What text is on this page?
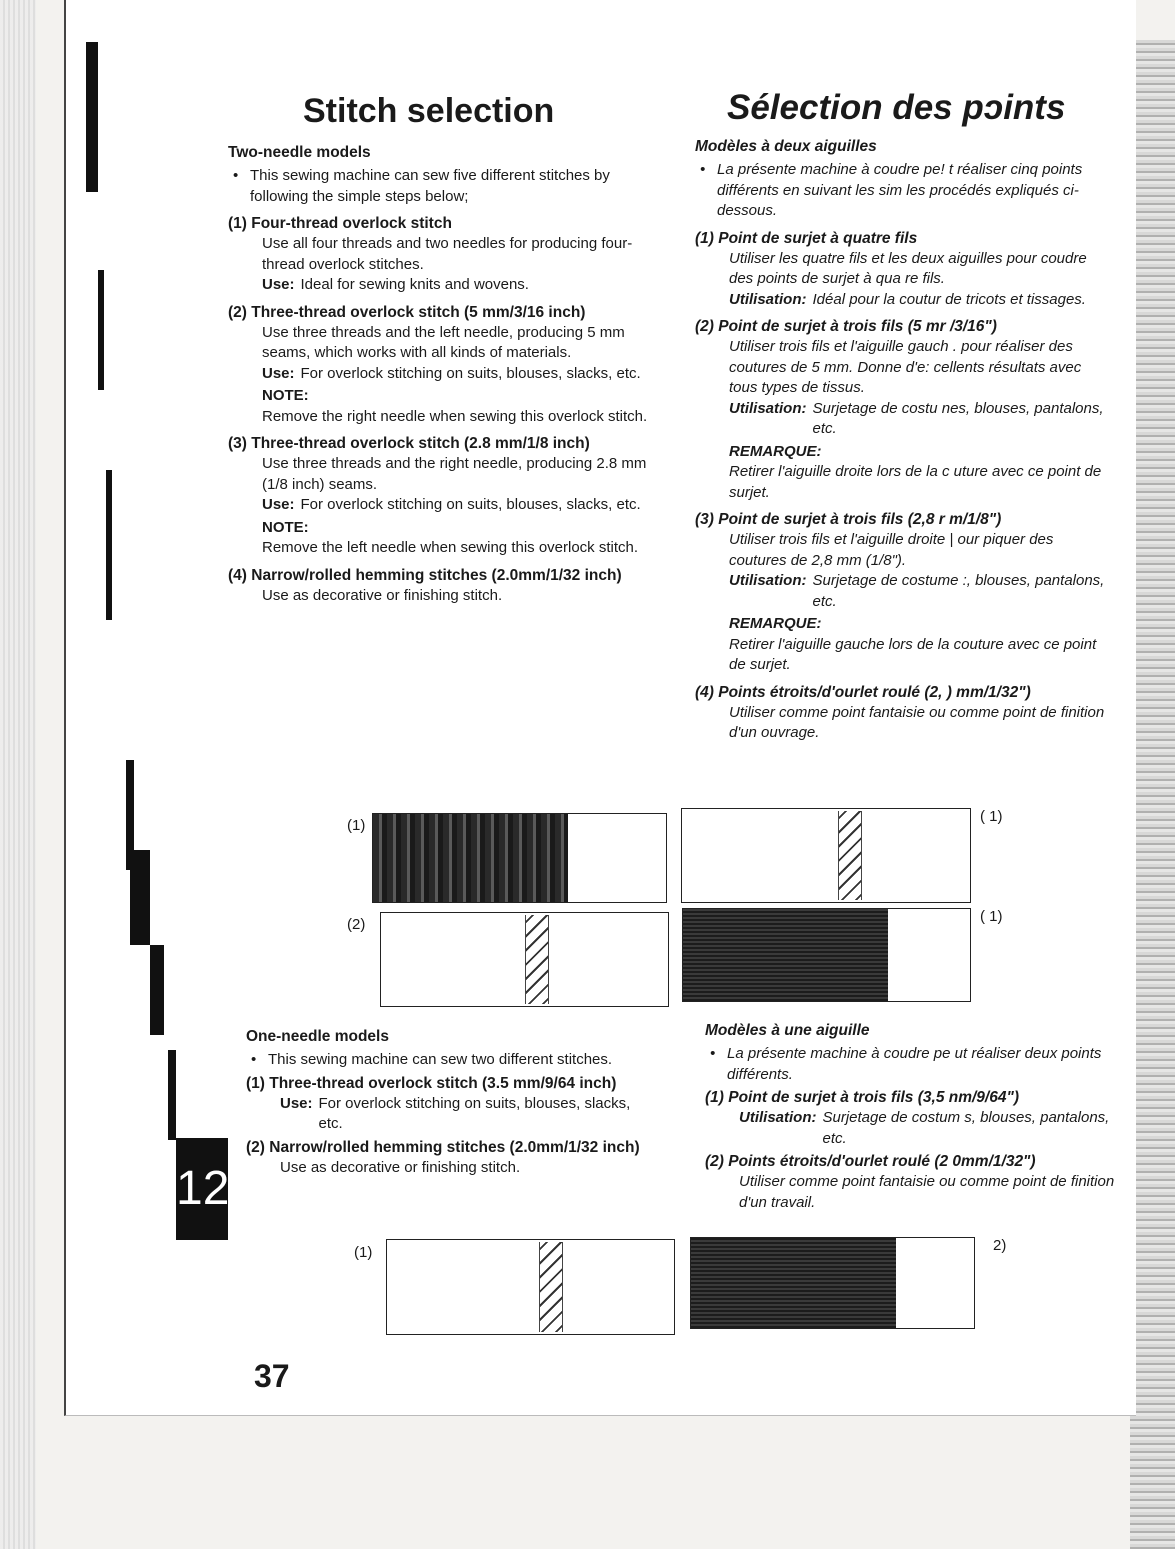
12
Stitch selection	Sélection des pɔints
Two-needle models
• This sewing machine can sew five different stitches by following the simple steps below;
(1) Four-thread overlock stitch
Use all four threads and two needles for producing four-thread overlock stitches.
Use: Ideal for sewing knits and wovens.
(2) Three-thread overlock stitch (5 mm/3/16 inch)
Use three threads and the left needle, producing 5 mm seams, which works with all kinds of materials.
Use: For overlock stitching on suits, blouses, slacks, etc.
NOTE:
Remove the right needle when sewing this overlock stitch.
(3) Three-thread overlock stitch (2.8 mm/1/8 inch)
Use three threads and the right needle, producing 2.8 mm (1/8 inch) seams.
Use: For overlock stitching on suits, blouses, slacks, etc.
NOTE:
Remove the left needle when sewing this overlock stitch.
(4) Narrow/rolled hemming stitches (2.0mm/1/32 inch)
Use as decorative or finishing stitch.
Modèles à deux aiguilles
• La présente machine à coudre pe! t réaliser cinq points différents en suivant les sim les procédés expliqués ci-dessous.
(1) Point de surjet à quatre fils
Utiliser les quatre fils et les deux aiguilles pour coudre des points de surjet à qua re fils.
Utilisation: Idéal pour la coutur de tricots et tissages.
(2) Point de surjet à trois fils (5 mr /3/16")
Utiliser trois fils et l'aiguille gauch . pour réaliser des coutures de 5 mm. Donne d'e: cellents résultats avec tous types de tissus.
Utilisation: Surjetage de costu nes, blouses, pantalons, etc.
REMARQUE:
Retirer l'aiguille droite lors de la c uture avec ce point de surjet.
(3) Point de surjet à trois fils (2,8 r m/1/8")
Utiliser trois fils et l'aiguille droite | our piquer des coutures de 2,8 mm (1/8").
Utilisation: Surjetage de costume :, blouses, pantalons, etc.
REMARQUE:
Retirer l'aiguille gauche lors de la couture avec ce point de surjet.
(4) Points étroits/d'ourlet roulé (2, ) mm/1/32")
Utiliser comme point fantaisie ou comme point de finition d'un ouvrage.
(1)
( 1)
(2)	( 1)
One-needle models
• This sewing machine can sew two different stitches.
(1) Three-thread overlock stitch (3.5 mm/9/64 inch)
Use: For overlock stitching on suits, blouses, slacks, etc.
(2) Narrow/rolled hemming stitches (2.0mm/1/32 inch)
Use as decorative or finishing stitch.
Modèles à une aiguille
• La présente machine à coudre pe ut réaliser deux points différents.
(1) Point de surjet à trois fils (3,5 nm/9/64")
Utilisation: Surjetage de costum s, blouses, pantalons, etc.
(2) Points étroits/d'ourlet roulé (2 0mm/1/32")
Utiliser comme point fantaisie ou comme point de finition d'un travail.
(1)	2)
37
